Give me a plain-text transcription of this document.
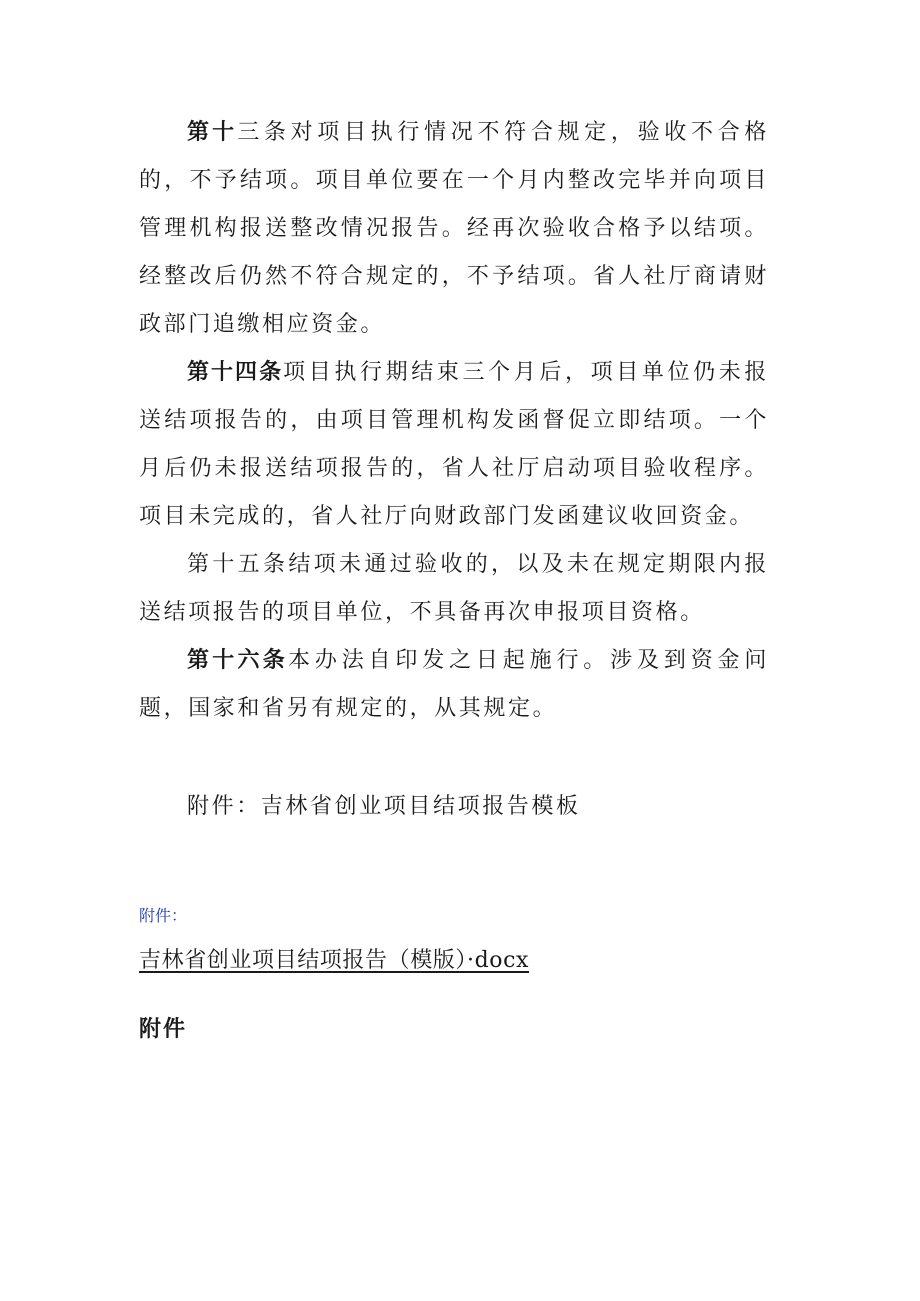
第十三条对项目执行情况不符合规定，验收不合格的，不予结项。项目单位要在一个月内整改完毕并向项目管理机构报送整改情况报告。经再次验收合格予以结项。经整改后仍然不符合规定的，不予结项。省人社厅商请财政部门追缴相应资金。

第十四条项目执行期结束三个月后，项目单位仍未报送结项报告的，由项目管理机构发函督促立即结项。一个月后仍未报送结项报告的，省人社厅启动项目验收程序。项目未完成的，省人社厅向财政部门发函建议收回资金。

第十五条结项未通过验收的，以及未在规定期限内报送结项报告的项目单位，不具备再次申报项目资格。

第十六条本办法自印发之日起施行。涉及到资金问题，国家和省另有规定的，从其规定。

附件：吉林省创业项目结项报告模板

附件：

吉林省创业项目结项报告（模版）·docx

附件
